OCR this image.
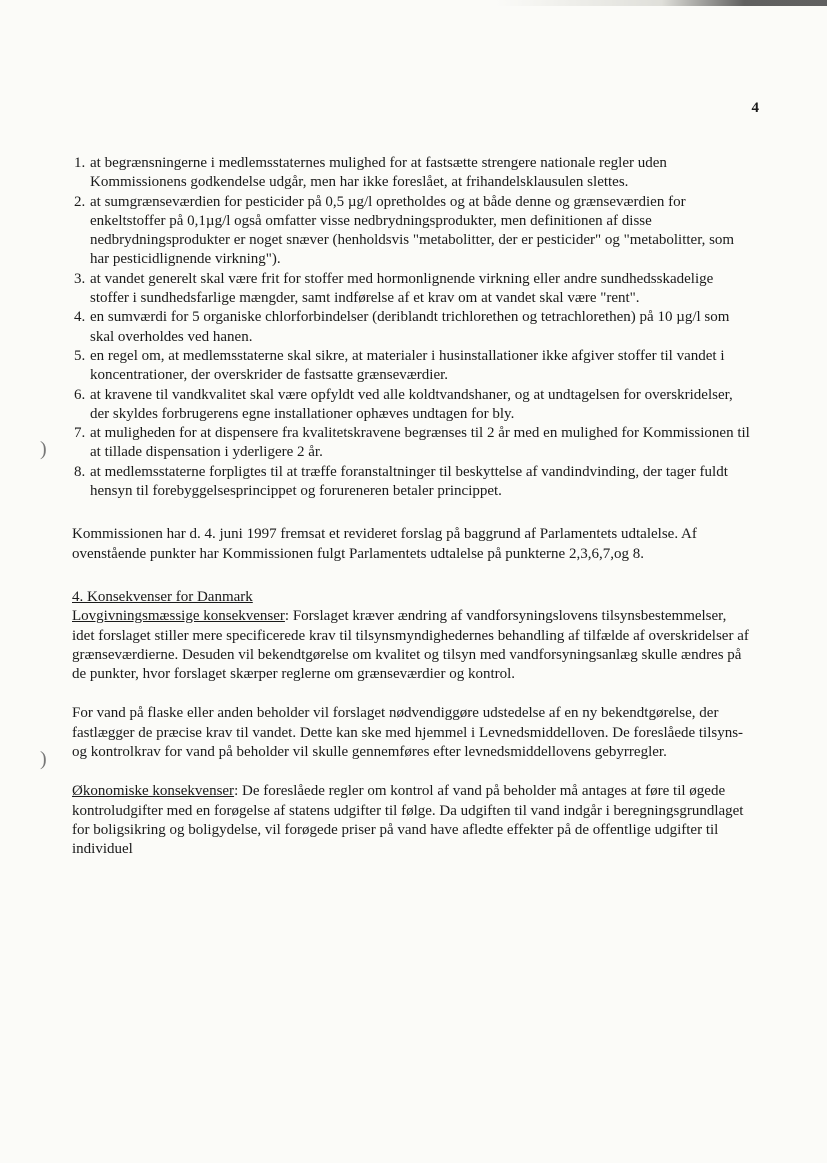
)
)
4
1. at begrænsningerne i medlemsstaternes mulighed for at fastsætte strengere nationale regler uden Kommissionens godkendelse udgår, men har ikke foreslået, at frihandelsklausulen slettes.
2. at sumgrænseværdien for pesticider på 0,5 µg/l opretholdes og at både denne og grænseværdien for enkeltstoffer på 0,1µg/l også omfatter visse nedbrydningsprodukter, men definitionen af disse nedbrydningsprodukter er noget snæver (henholdsvis "metabolitter, der er pesticider" og "metabolitter, som har pesticidlignende virkning").
3. at vandet generelt skal være frit for stoffer med hormonlignende virkning eller andre sundhedsskadelige stoffer i sundhedsfarlige mængder, samt indførelse af et krav om at vandet skal være "rent".
4. en sumværdi for 5 organiske chlorforbindelser (deriblandt trichlorethen og tetrachlorethen) på 10 µg/l som skal overholdes ved hanen.
5. en regel om, at medlemsstaterne skal sikre, at materialer i husinstallationer ikke afgiver stoffer til vandet i koncentrationer, der overskrider de fastsatte grænseværdier.
6. at kravene til vandkvalitet skal være opfyldt ved alle koldtvandshaner, og at undtagelsen for overskridelser, der skyldes forbrugerens egne installationer ophæves undtagen for bly.
7. at muligheden for at dispensere fra kvalitetskravene begrænses til 2 år med en mulighed for Kommissionen til at tillade dispensation i yderligere 2 år.
8. at medlemsstaterne forpligtes til at træffe foranstaltninger til beskyttelse af vandindvinding, der tager fuldt hensyn til forebyggelsesprincippet og forureneren betaler princippet.

Kommissionen har d. 4. juni 1997 fremsat et revideret forslag på baggrund af Parlamentets udtalelse. Af ovenstående punkter har Kommissionen fulgt Parlamentets udtalelse på punkterne 2,3,6,7,og 8.

4. Konsekvenser for Danmark

Lovgivningsmæssige konsekvenser: Forslaget kræver ændring af vandforsyningslovens tilsynsbestemmelser, idet forslaget stiller mere specificerede krav til tilsynsmyndighedernes behandling af tilfælde af overskridelser af grænseværdierne. Desuden vil bekendtgørelse om kvalitet og tilsyn med vandforsyningsanlæg skulle ændres på de punkter, hvor forslaget skærper reglerne om grænseværdier og kontrol.

For vand på flaske eller anden beholder vil forslaget nødvendiggøre udstedelse af en ny bekendtgørelse, der fastlægger de præcise krav til vandet. Dette kan ske med hjemmel i Levnedsmiddelloven. De foreslåede tilsyns- og kontrolkrav for vand på beholder vil skulle gennemføres efter levnedsmiddellovens gebyrregler.

Økonomiske konsekvenser: De foreslåede regler om kontrol af vand på beholder må antages at føre til øgede kontroludgifter med en forøgelse af statens udgifter til følge. Da udgiften til vand indgår i beregningsgrundlaget for boligsikring og boligydelse, vil forøgede priser på vand have afledte effekter på de offentlige udgifter til individuel
